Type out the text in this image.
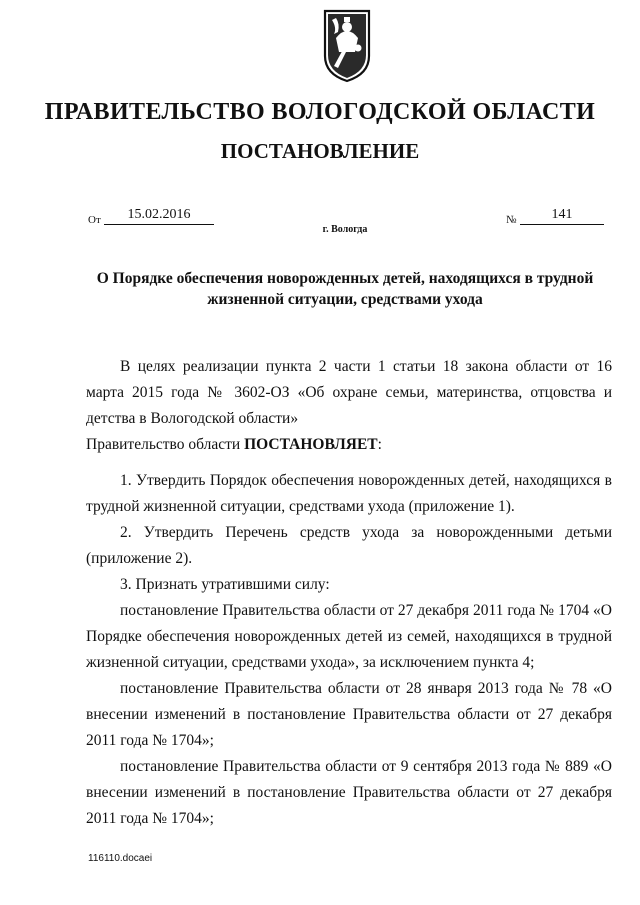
ПРАВИТЕЛЬСТВО ВОЛОГОДСКОЙ ОБЛАСТИ
ПОСТАНОВЛЕНИЕ
От	15.02.2016	№	141
г. Вологда
О Порядке обеспечения новорожденных детей, находящихся в трудной жизненной ситуации, средствами ухода

В целях реализации пункта 2 части 1 статьи 18 закона области от 16 марта 2015 года № 3602-ОЗ «Об охране семьи, материнства, отцовства и детства в Вологодской области»

Правительство области ПОСТАНОВЛЯЕТ:

1. Утвердить Порядок обеспечения новорожденных детей, находящихся в трудной жизненной ситуации, средствами ухода (приложение 1).

2. Утвердить Перечень средств ухода за новорожденными детьми (приложение 2).

3. Признать утратившими силу:

постановление Правительства области от 27 декабря 2011 года № 1704 «О Порядке обеспечения новорожденных детей из семей, находящихся в трудной жизненной ситуации, средствами ухода», за исключением пункта 4;

постановление Правительства области от 28 января 2013 года № 78 «О внесении изменений в постановление Правительства области от 27 декабря 2011 года № 1704»;

постановление Правительства области от 9 сентября 2013 года № 889 «О внесении изменений в постановление Правительства области от 27 декабря 2011 года № 1704»;

116110.docaei
